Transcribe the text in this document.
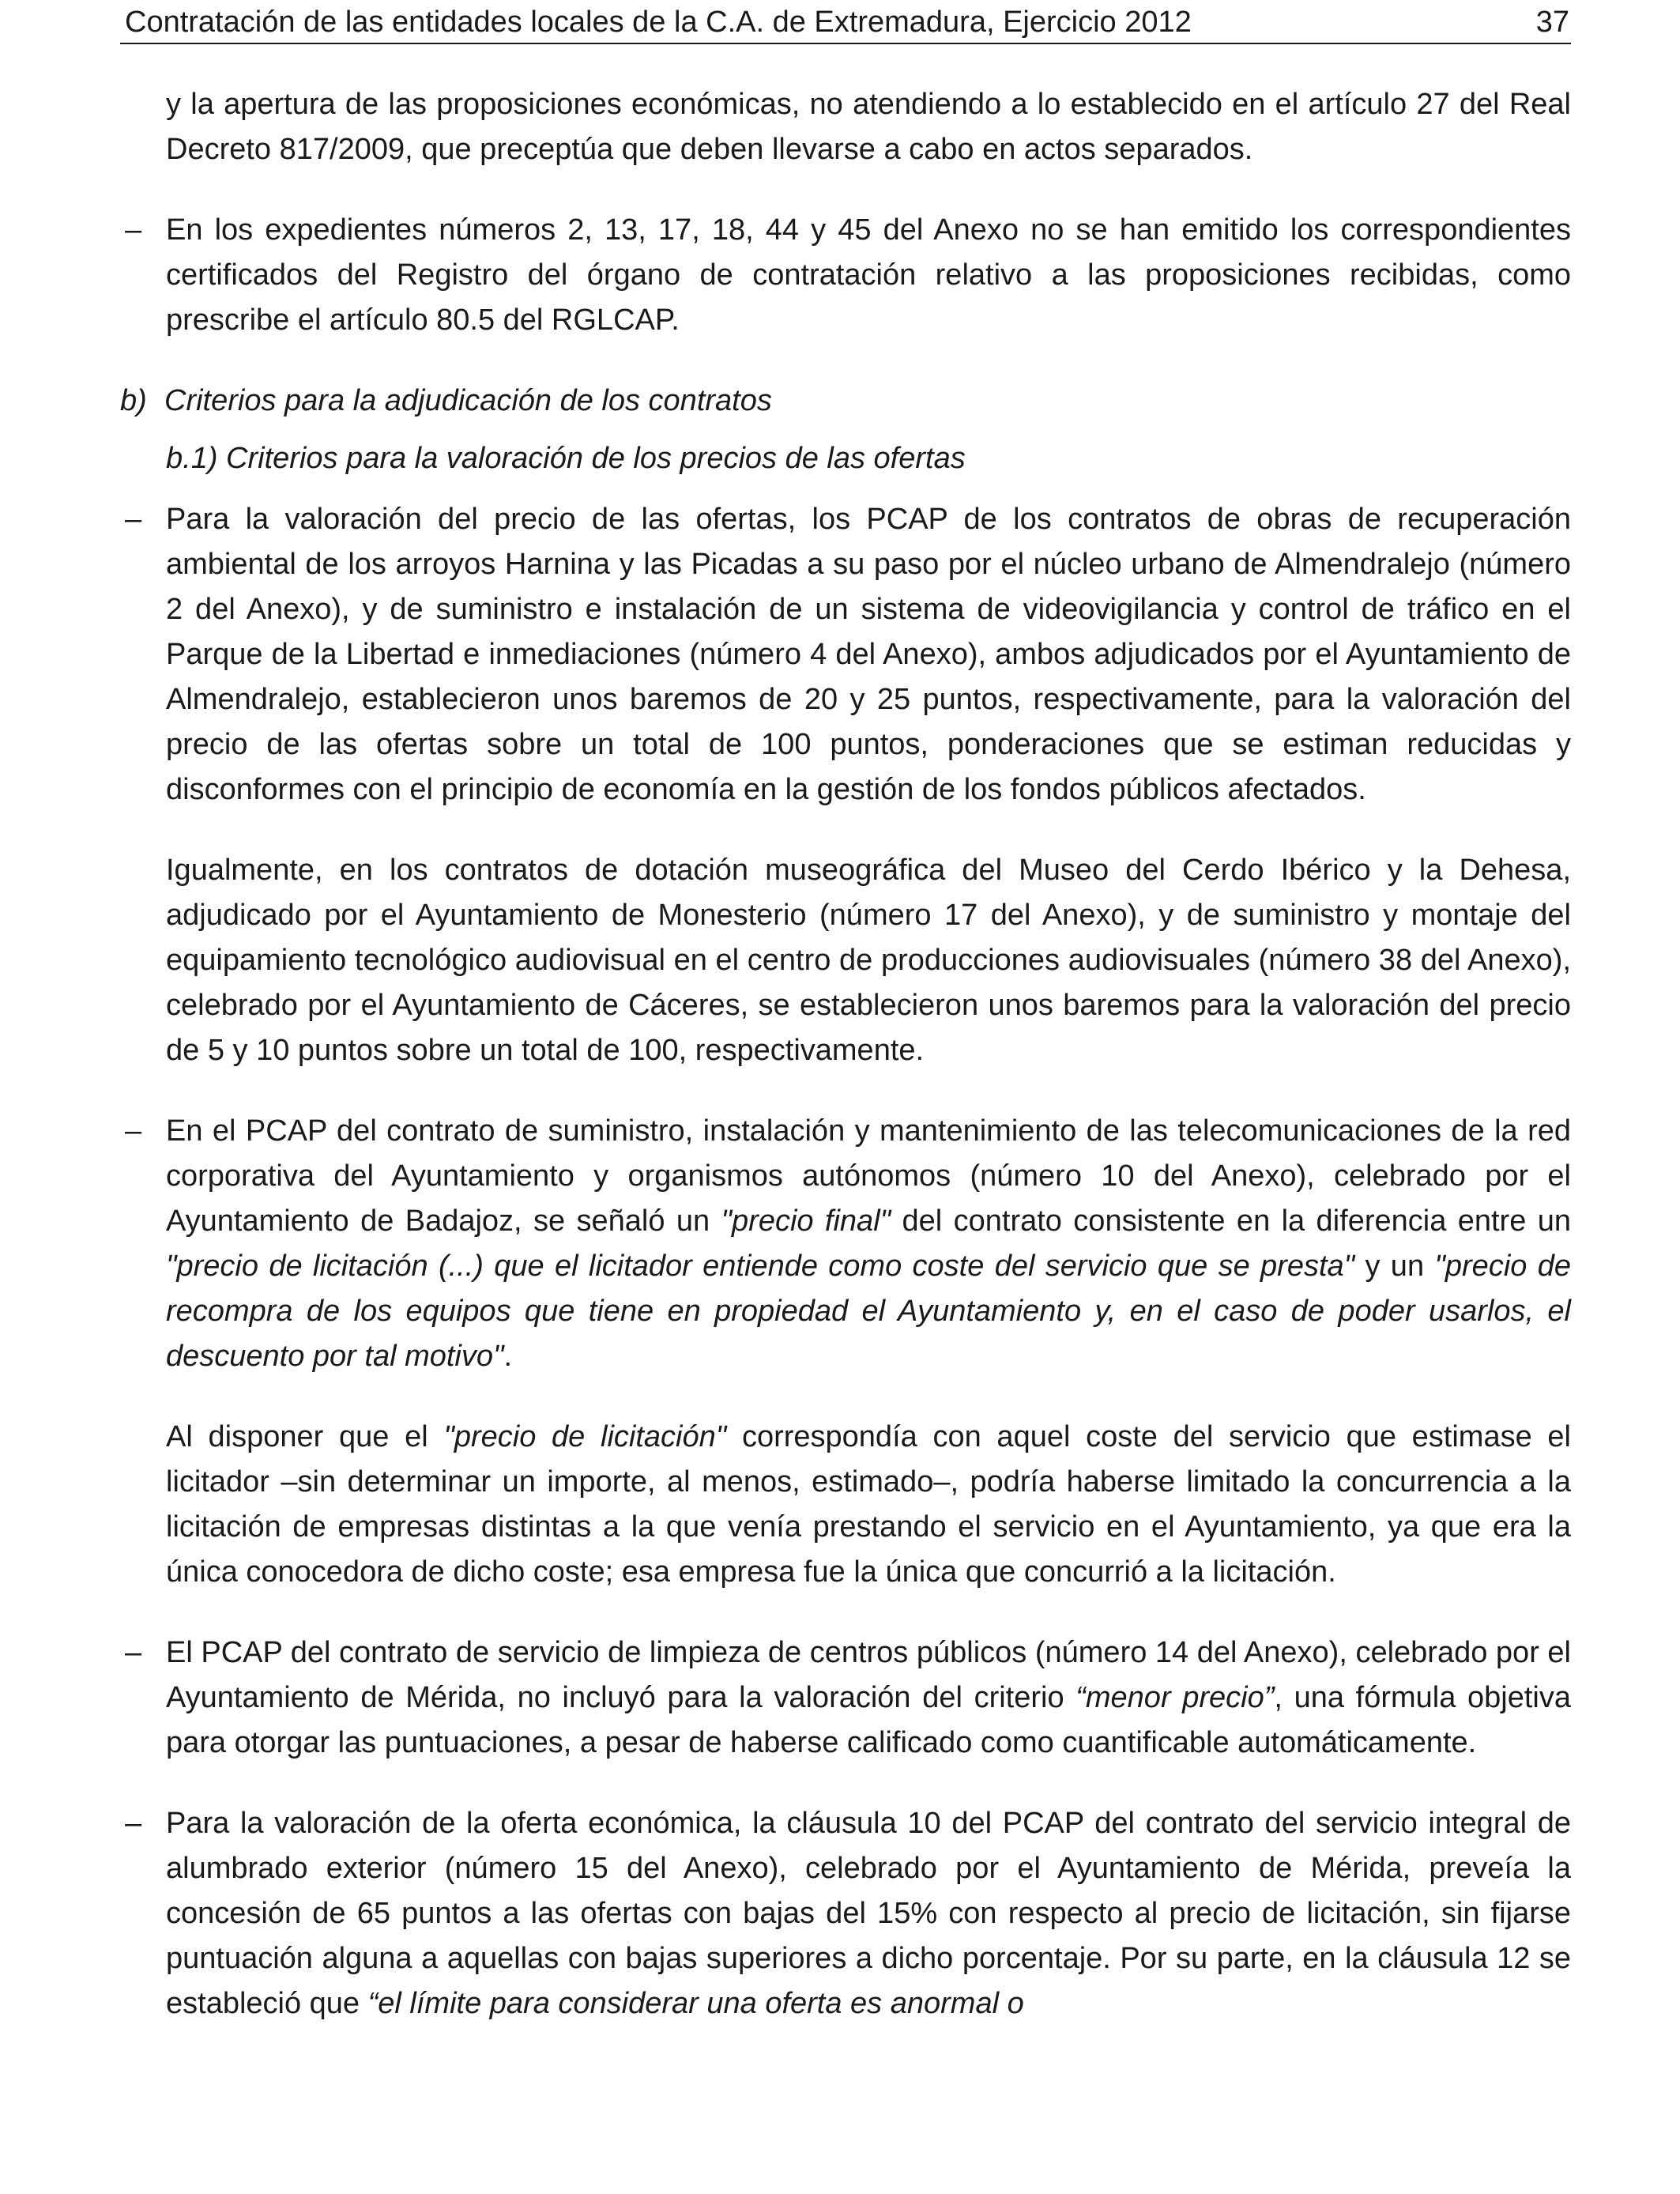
Contratación de las entidades locales de la C.A. de Extremadura, Ejercicio 2012	37

y la apertura de las proposiciones económicas, no atendiendo a lo establecido en el artículo 27 del Real Decreto 817/2009, que preceptúa que deben llevarse a cabo en actos separados.

– En los expedientes números 2, 13, 17, 18, 44 y 45 del Anexo no se han emitido los correspondientes certificados del Registro del órgano de contratación relativo a las proposiciones recibidas, como prescribe el artículo 80.5 del RGLCAP.

b) Criterios para la adjudicación de los contratos
b.1) Criterios para la valoración de los precios de las ofertas
– Para la valoración del precio de las ofertas, los PCAP de los contratos de obras de recuperación ambiental de los arroyos Harnina y las Picadas a su paso por el núcleo urbano de Almendralejo (número 2 del Anexo), y de suministro e instalación de un sistema de videovigilancia y control de tráfico en el Parque de la Libertad e inmediaciones (número 4 del Anexo), ambos adjudicados por el Ayuntamiento de Almendralejo, establecieron unos baremos de 20 y 25 puntos, respectivamente, para la valoración del precio de las ofertas sobre un total de 100 puntos, ponderaciones que se estiman reducidas y disconformes con el principio de economía en la gestión de los fondos públicos afectados.

Igualmente, en los contratos de dotación museográfica del Museo del Cerdo Ibérico y la Dehesa, adjudicado por el Ayuntamiento de Monesterio (número 17 del Anexo), y de suministro y montaje del equipamiento tecnológico audiovisual en el centro de producciones audiovisuales (número 38 del Anexo), celebrado por el Ayuntamiento de Cáceres, se establecieron unos baremos para la valoración del precio de 5 y 10 puntos sobre un total de 100, respectivamente.

– En el PCAP del contrato de suministro, instalación y mantenimiento de las telecomunicaciones de la red corporativa del Ayuntamiento y organismos autónomos (número 10 del Anexo), celebrado por el Ayuntamiento de Badajoz, se señaló un "precio final" del contrato consistente en la diferencia entre un "precio de licitación (...) que el licitador entiende como coste del servicio que se presta" y un "precio de recompra de los equipos que tiene en propiedad el Ayuntamiento y, en el caso de poder usarlos, el descuento por tal motivo".

Al disponer que el "precio de licitación" correspondía con aquel coste del servicio que estimase el licitador –sin determinar un importe, al menos, estimado–, podría haberse limitado la concurrencia a la licitación de empresas distintas a la que venía prestando el servicio en el Ayuntamiento, ya que era la única conocedora de dicho coste; esa empresa fue la única que concurrió a la licitación.

– El PCAP del contrato de servicio de limpieza de centros públicos (número 14 del Anexo), celebrado por el Ayuntamiento de Mérida, no incluyó para la valoración del criterio “menor precio”, una fórmula objetiva para otorgar las puntuaciones, a pesar de haberse calificado como cuantificable automáticamente.

– Para la valoración de la oferta económica, la cláusula 10 del PCAP del contrato del servicio integral de alumbrado exterior (número 15 del Anexo), celebrado por el Ayuntamiento de Mérida, preveía la concesión de 65 puntos a las ofertas con bajas del 15% con respecto al precio de licitación, sin fijarse puntuación alguna a aquellas con bajas superiores a dicho porcentaje. Por su parte, en la cláusula 12 se estableció que “el límite para considerar una oferta es anormal o
